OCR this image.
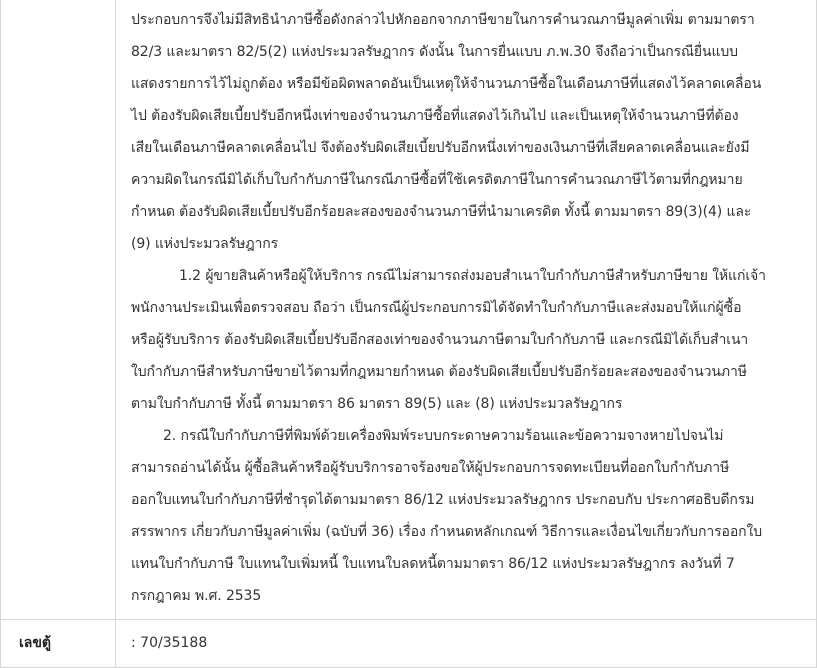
ประกอบการจึงไม่มีสิทธินำภาษีซื้อดังกล่าวไปหักออกจากภาษีขายในการคำนวณภาษีมูลค่าเพิ่ม ตามมาตรา
82/3 และมาตรา 82/5(2) แห่งประมวลรัษฎากร ดังนั้น ในการยื่นแบบ ภ.พ.30 จึงถือว่าเป็นกรณียื่นแบบ
แสดงรายการไว้ไม่ถูกต้อง หรือมีข้อผิดพลาดอันเป็นเหตุให้จำนวนภาษีซื้อในเดือนภาษีที่แสดงไว้คลาดเคลื่อน
ไป ต้องรับผิดเสียเบี้ยปรับอีกหนึ่งเท่าของจำนวนภาษีซื้อที่แสดงไว้เกินไป และเป็นเหตุให้จำนวนภาษีที่ต้อง
เสียในเดือนภาษีคลาดเคลื่อนไป จึงต้องรับผิดเสียเบี้ยปรับอีกหนึ่งเท่าของเงินภาษีที่เสียคลาดเคลื่อนและยังมี
ความผิดในกรณีมิได้เก็บใบกำกับภาษีในกรณีภาษีซื้อที่ใช้เครดิตภาษีในการคำนวณภาษีไว้ตามที่กฎหมาย
กำหนด ต้องรับผิดเสียเบี้ยปรับอีกร้อยละสองของจำนวนภาษีที่นำมาเครดิต ทั้งนี้ ตามมาตรา 89(3)(4) และ
(9) แห่งประมวลรัษฎากร
1.2 ผู้ขายสินค้าหรือผู้ให้บริการ กรณีไม่สามารถส่งมอบสำเนาใบกำกับภาษีสำหรับภาษีขาย ให้แก่เจ้า
พนักงานประเมินเพื่อตรวจสอบ ถือว่า เป็นกรณีผู้ประกอบการมิได้จัดทำใบกำกับภาษีและส่งมอบให้แก่ผู้ซื้อ
หรือผู้รับบริการ ต้องรับผิดเสียเบี้ยปรับอีกสองเท่าของจำนวนภาษีตามใบกำกับภาษี และกรณีมิได้เก็บสำเนา
ใบกำกับภาษีสำหรับภาษีขายไว้ตามที่กฎหมายกำหนด ต้องรับผิดเสียเบี้ยปรับอีกร้อยละสองของจำนวนภาษี
ตามใบกำกับภาษี ทั้งนี้ ตามมาตรา 86 มาตรา 89(5) และ (8) แห่งประมวลรัษฎากร
2. กรณีใบกำกับภาษีที่พิมพ์ด้วยเครื่องพิมพ์ระบบกระดาษความร้อนและข้อความจางหายไปจนไม่
สามารถอ่านได้นั้น ผู้ซื้อสินค้าหรือผู้รับบริการอาจร้องขอให้ผู้ประกอบการจดทะเบียนที่ออกใบกำกับภาษี
ออกใบแทนใบกำกับภาษีที่ชำรุดได้ตามมาตรา 86/12 แห่งประมวลรัษฎากร ประกอบกับ ประกาศอธิบดีกรม
สรรพากร เกี่ยวกับภาษีมูลค่าเพิ่ม (ฉบับที่ 36) เรื่อง กำหนดหลักเกณฑ์ วิธีการและเงื่อนไขเกี่ยวกับการออกใบ
แทนใบกำกับภาษี ใบแทนใบเพิ่มหนี้ ใบแทนใบลดหนี้ตามมาตรา 86/12 แห่งประมวลรัษฎากร ลงวันที่ 7
กรกฎาคม พ.ศ. 2535
เลขตู้	: 70/35188
